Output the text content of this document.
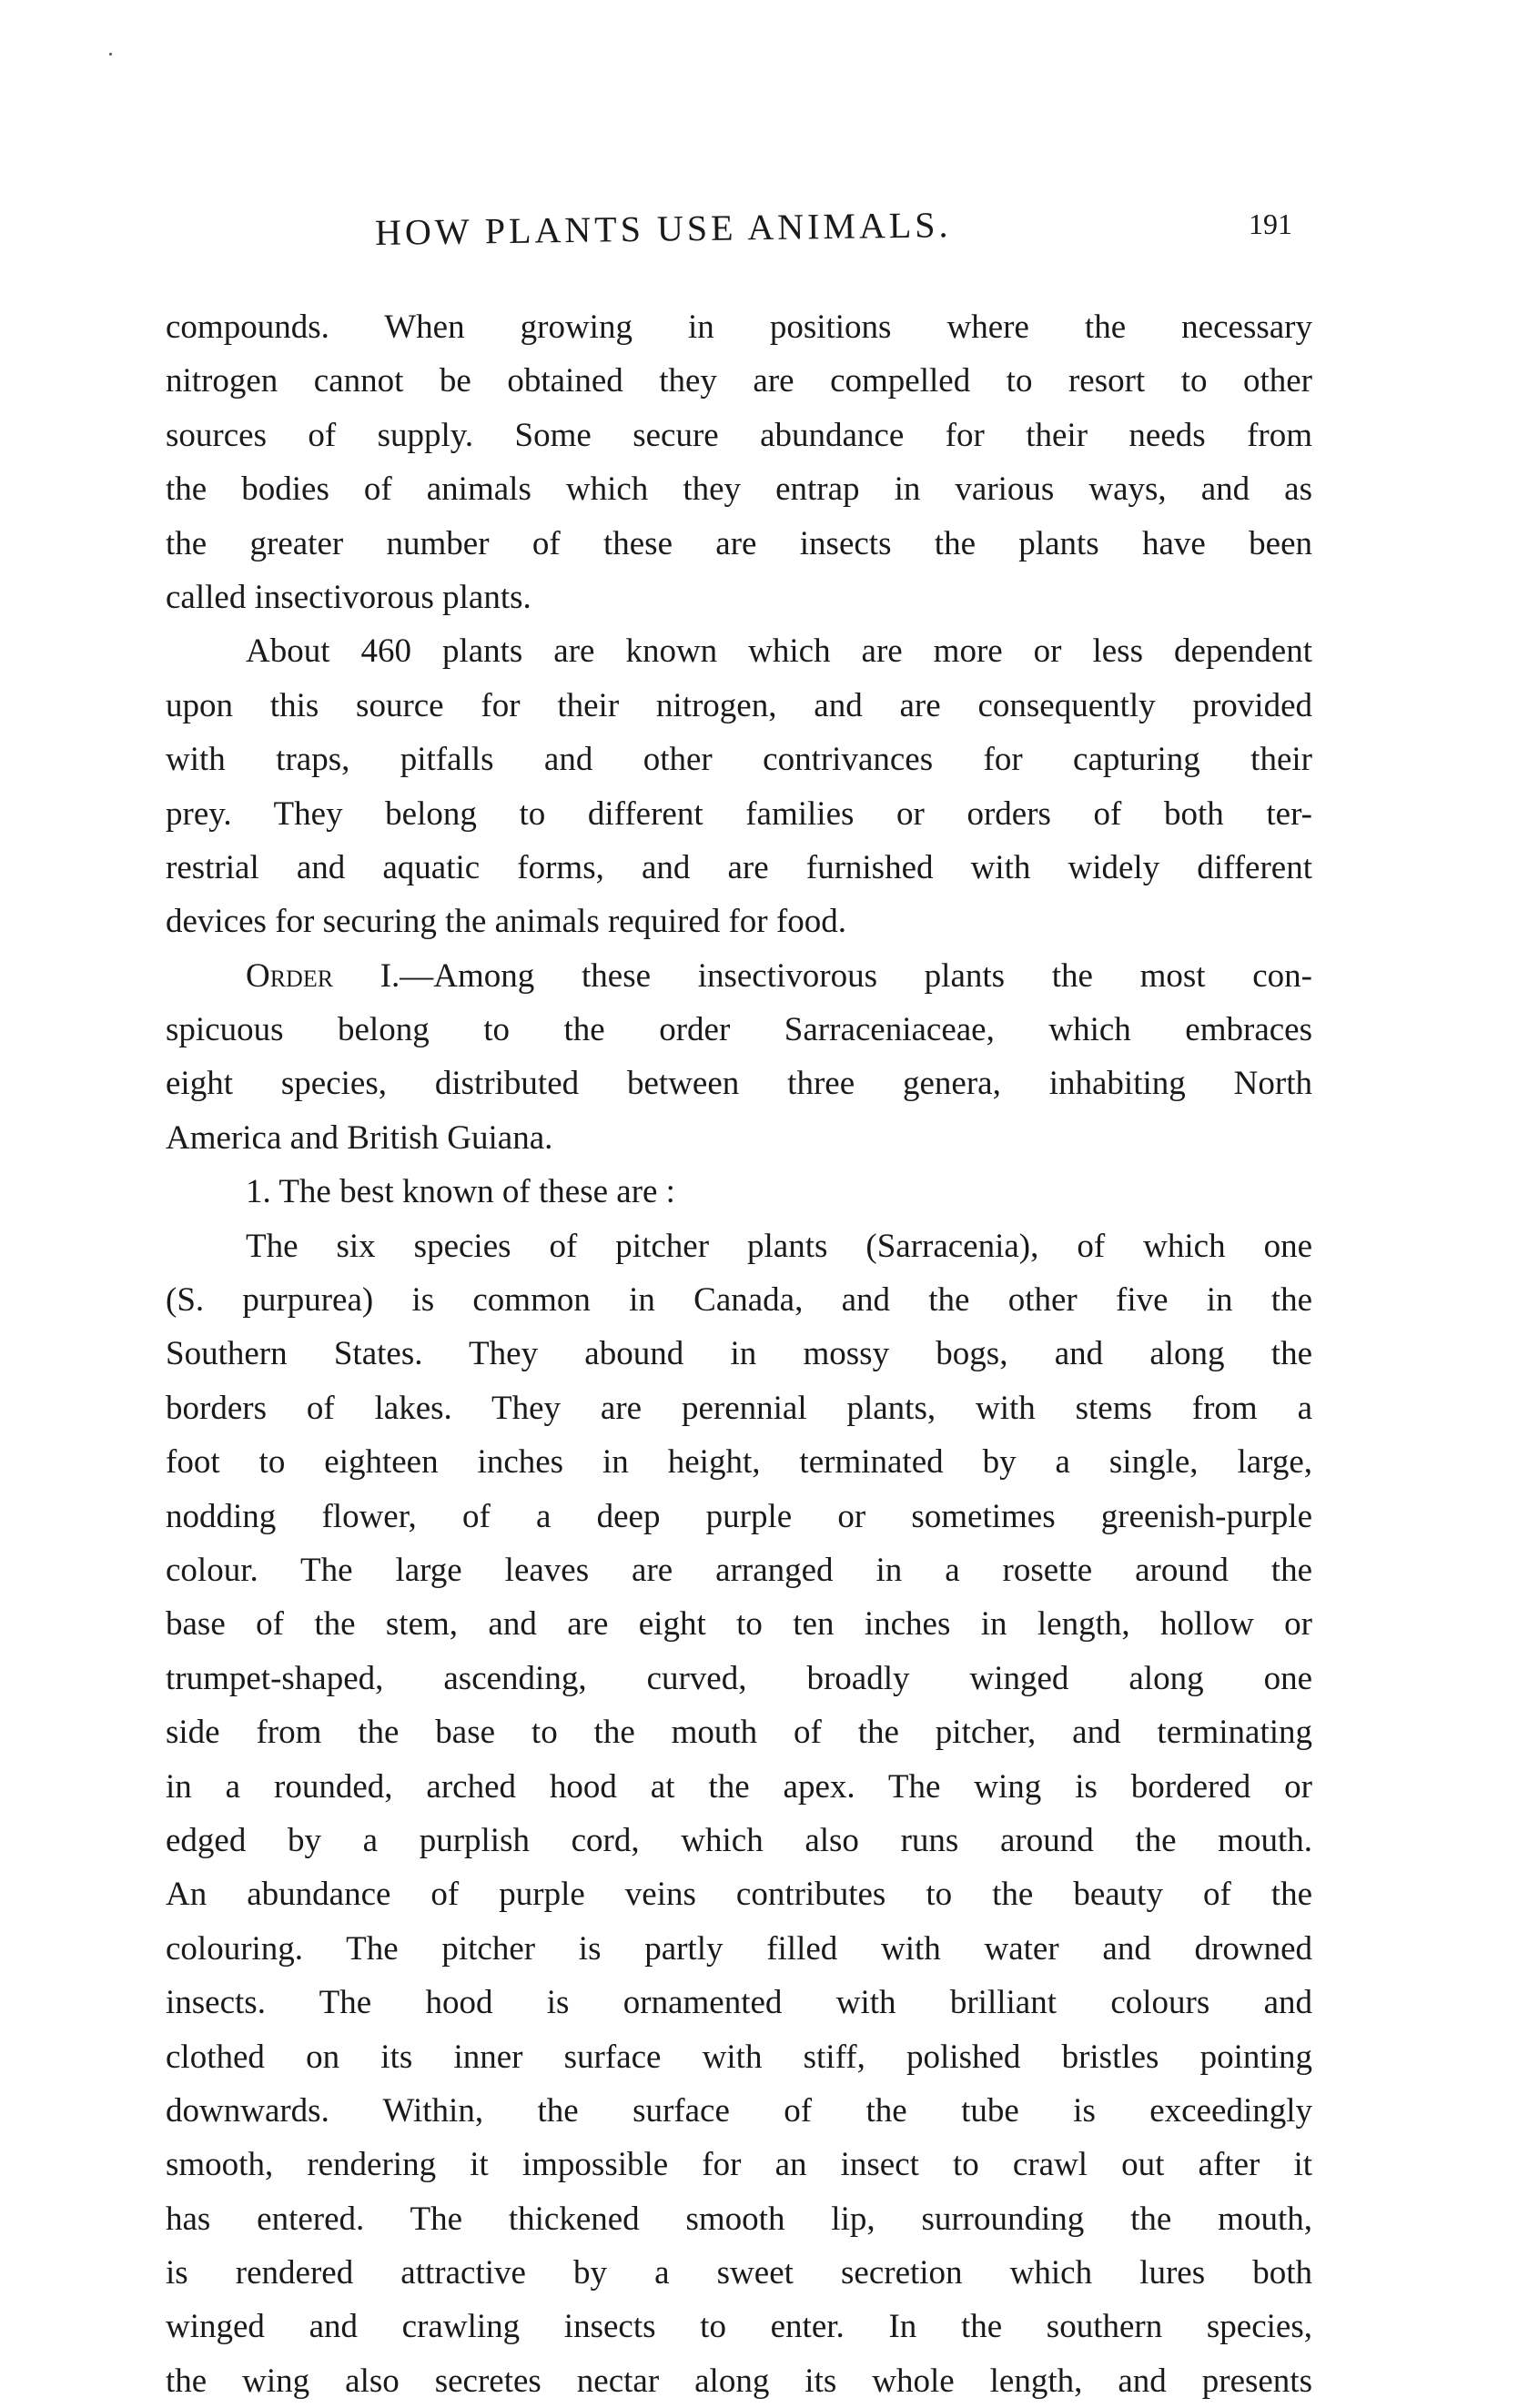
HOW PLANTS USE ANIMALS.	191
compounds. When growing in positions where the necessary
nitrogen cannot be obtained they are compelled to resort to other
sources of supply. Some secure abundance for their needs from
the bodies of animals which they entrap in various ways, and as
the greater number of these are insects the plants have been
called insectivorous plants.
About 460 plants are known which are more or less dependent
upon this source for their nitrogen, and are consequently provided
with traps, pitfalls and other contrivances for capturing their
prey. They belong to different families or orders of both ter-
restrial and aquatic forms, and are furnished with widely different
devices for securing the animals required for food.
Order I.—Among these insectivorous plants the most con-
spicuous belong to the order Sarraceniaceae, which embraces
eight species, distributed between three genera, inhabiting North
America and British Guiana.
1. The best known of these are :
The six species of pitcher plants (Sarracenia), of which one
(S. purpurea) is common in Canada, and the other five in the
Southern States. They abound in mossy bogs, and along the
borders of lakes. They are perennial plants, with stems from a
foot to eighteen inches in height, terminated by a single, large,
nodding flower, of a deep purple or sometimes greenish-purple
colour. The large leaves are arranged in a rosette around the
base of the stem, and are eight to ten inches in length, hollow or
trumpet-shaped, ascending, curved, broadly winged along one
side from the base to the mouth of the pitcher, and terminating
in a rounded, arched hood at the apex. The wing is bordered or
edged by a purplish cord, which also runs around the mouth.
An abundance of purple veins contributes to the beauty of the
colouring. The pitcher is partly filled with water and drowned
insects. The hood is ornamented with brilliant colours and
clothed on its inner surface with stiff, polished bristles pointing
downwards. Within, the surface of the tube is exceedingly
smooth, rendering it impossible for an insect to crawl out after it
has entered. The thickened smooth lip, surrounding the mouth,
is rendered attractive by a sweet secretion which lures both
winged and crawling insects to enter. In the southern species,
the wing also secretes nectar along its whole length, and presents
